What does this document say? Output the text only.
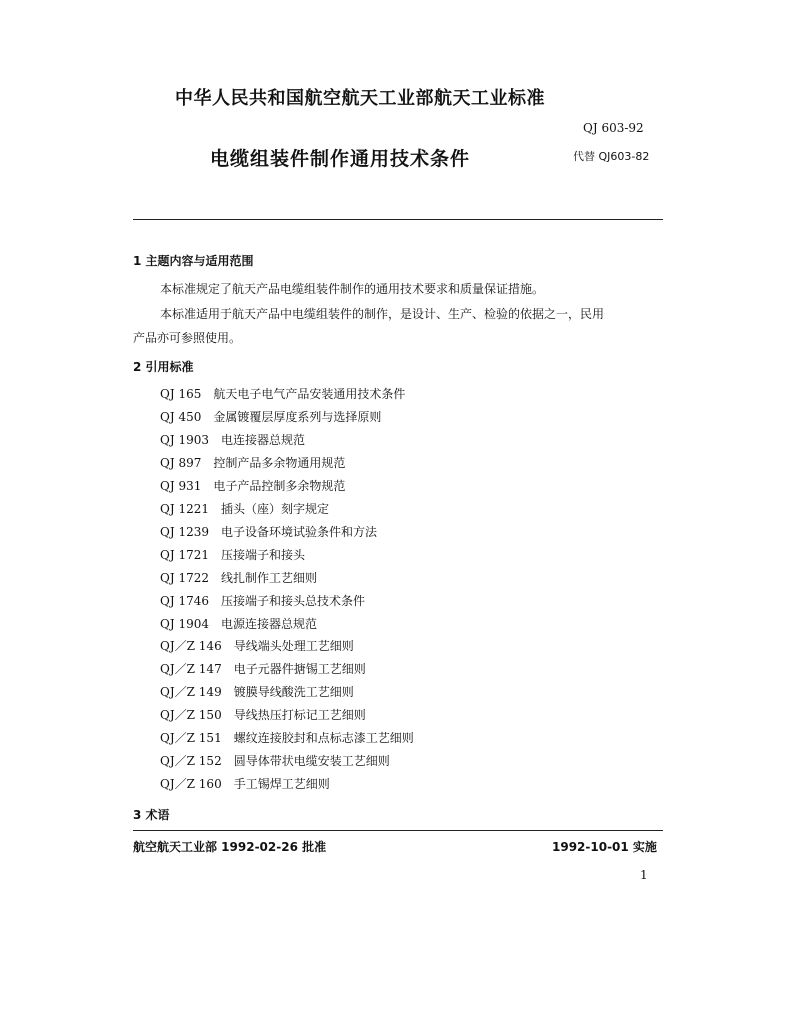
中华人民共和国航空航天工业部航天工业标准
QJ 603-92
电缆组装件制作通用技术条件	代替 QJ603-82
1 主题内容与适用范围
本标准规定了航天产品电缆组装件制作的通用技术要求和质量保证措施。
本标准适用于航天产品中电缆组装件的制作，是设计、生产、检验的依据之一，民用
产品亦可参照使用。
2 引用标准
QJ 165 航天电子电气产品安装通用技术条件
QJ 450 金属镀覆层厚度系列与选择原则
QJ 1903 电连接器总规范
QJ 897 控制产品多余物通用规范
QJ 931 电子产品控制多余物规范
QJ 1221 插头（座）刻字规定
QJ 1239 电子设备环境试验条件和方法
QJ 1721 压接端子和接头
QJ 1722 线扎制作工艺细则
QJ 1746 压接端子和接头总技术条件
QJ 1904 电源连接器总规范
QJ／Z 146 导线端头处理工艺细则
QJ／Z 147 电子元器件搪锡工艺细则
QJ／Z 149 镀膜导线酸洗工艺细则
QJ／Z 150 导线热压打标记工艺细则
QJ／Z 151 螺纹连接胶封和点标志漆工艺细则
QJ／Z 152 圆导体带状电缆安装工艺细则
QJ／Z 160 手工锡焊工艺细则
3 术语
航空航天工业部 1992-02-26 批准	1992-10-01 实施
1
